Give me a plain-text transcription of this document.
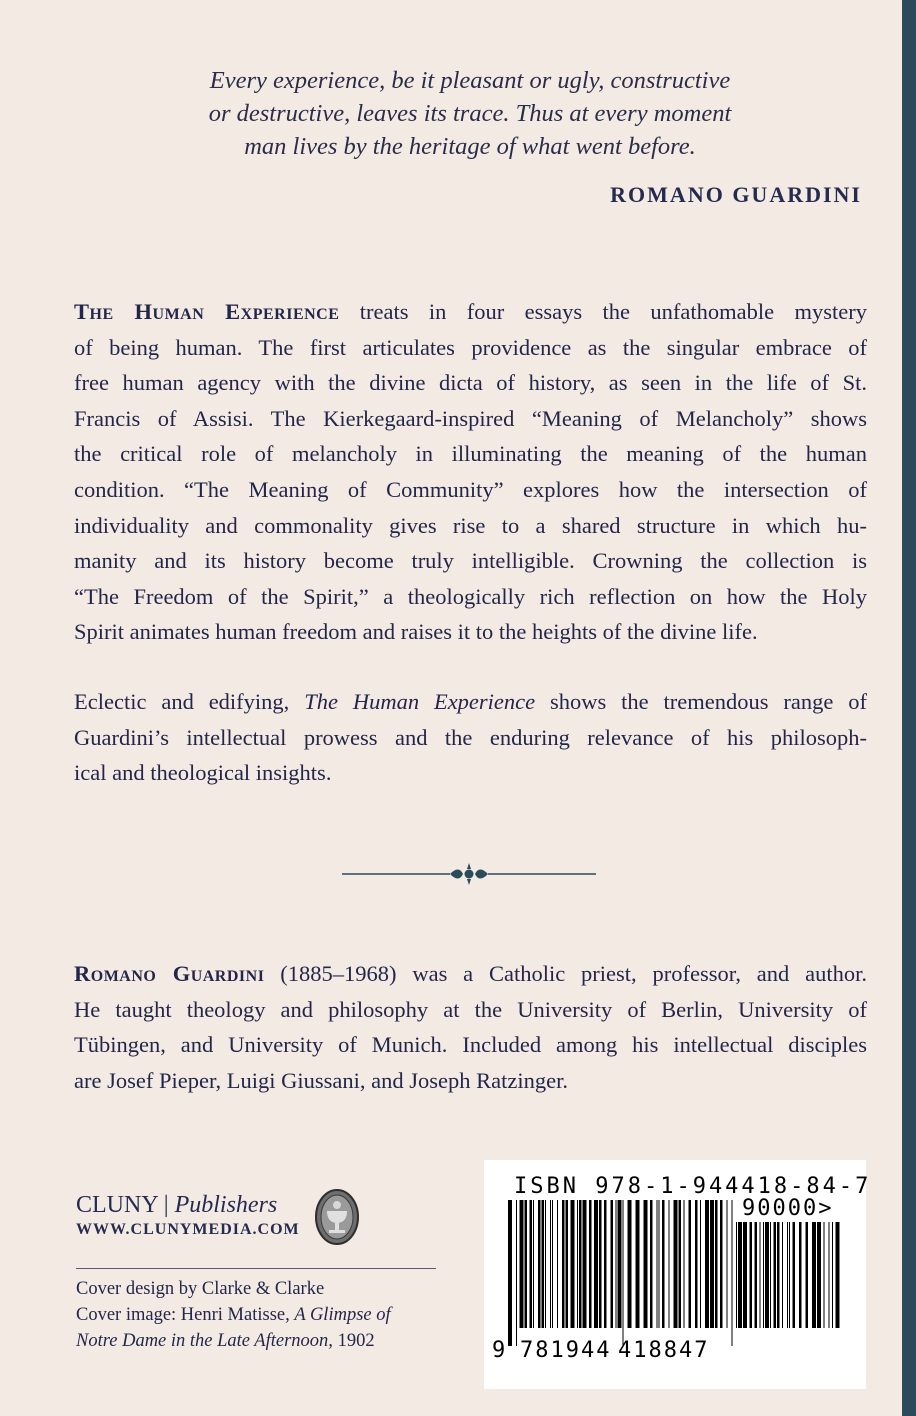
Every experience, be it pleasant or ugly, constructive
or destructive, leaves its trace. Thus at every moment
man lives by the heritage of what went before.
ROMANO GUARDINI
The Human Experience treats in four essays the unfathomable mystery
of being human. The first articulates providence as the singular embrace of
free human agency with the divine dicta of history, as seen in the life of St.
Francis of Assisi. The Kierkegaard-inspired “Meaning of Melancholy” shows
the critical role of melancholy in illuminating the meaning of the human
condition. “The Meaning of Community” explores how the intersection of
individuality and commonality gives rise to a shared structure in which hu-
manity and its history become truly intelligible. Crowning the collection is
“The Freedom of the Spirit,” a theologically rich reflection on how the Holy
Spirit animates human freedom and raises it to the heights of the divine life.
Eclectic and edifying, The Human Experience shows the tremendous range of
Guardini’s intellectual prowess and the enduring relevance of his philosoph-
ical and theological insights.
Romano Guardini (1885–1968) was a Catholic priest, professor, and author.
He taught theology and philosophy at the University of Berlin, University of
Tübingen, and University of Munich. Included among his intellectual disciples
are Josef Pieper, Luigi Giussani, and Joseph Ratzinger.
CLUNY | Publishers
WWW.CLUNYMEDIA.COM
Cover design by Clarke & Clarke
Cover image: Henri Matisse, A Glimpse of
Notre Dame in the Late Afternoon, 1902
ISBN 978-1-944418-84-7
90000>
9 781944 418847
